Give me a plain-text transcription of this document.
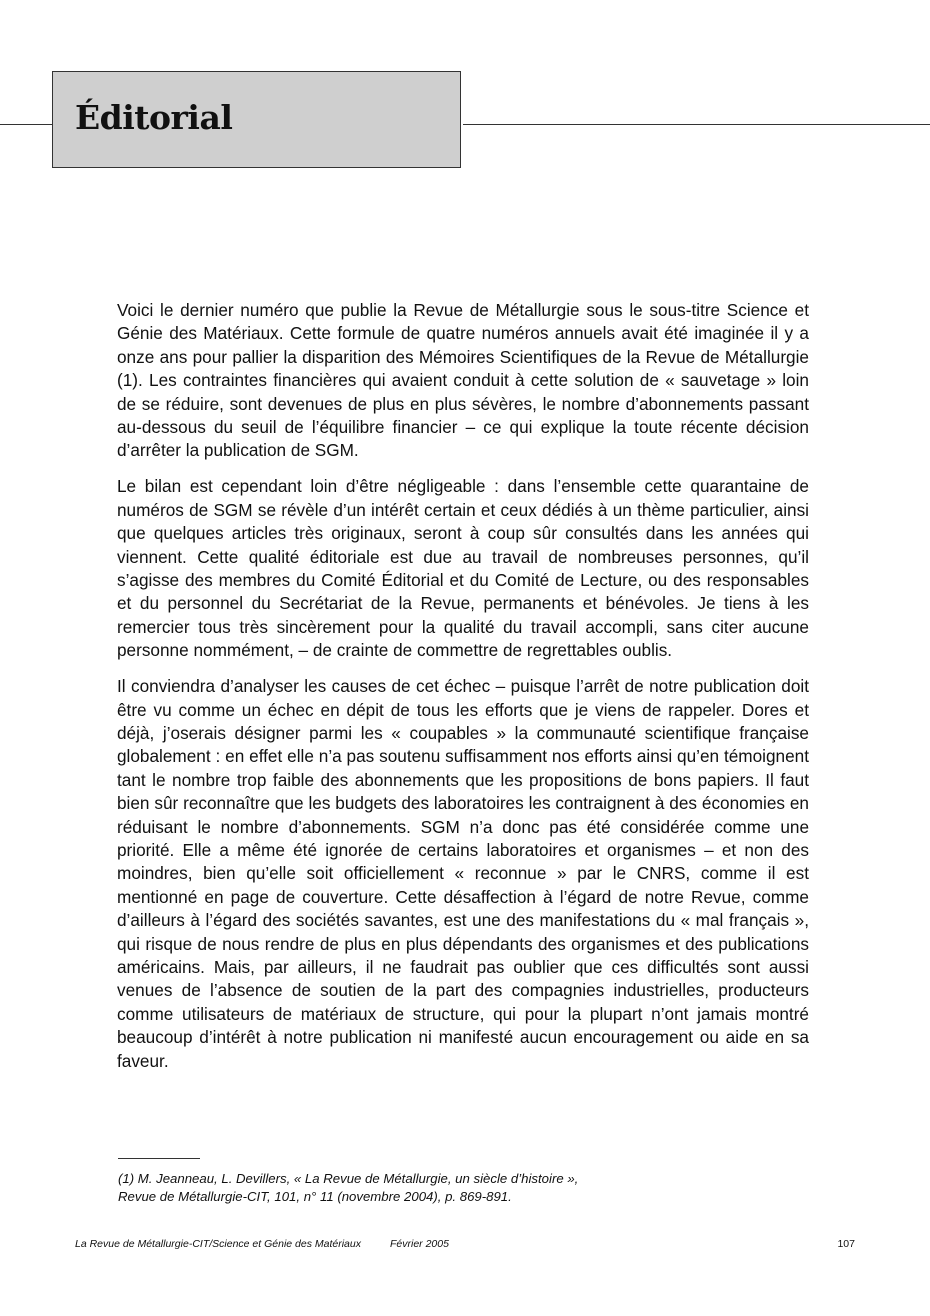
Éditorial

Voici le dernier numéro que publie la Revue de Métallurgie sous le sous-titre Science et Génie des Matériaux. Cette formule de quatre numéros annuels avait été imaginée il y a onze ans pour pallier la disparition des Mémoires Scientifiques de la Revue de Métallurgie (1). Les contraintes financières qui avaient conduit à cette solution de « sauvetage » loin de se réduire, sont devenues de plus en plus sévères, le nombre d’abonnements passant au-dessous du seuil de l’équilibre financier – ce qui explique la toute récente décision d’arrêter la publication de SGM.

Le bilan est cependant loin d’être négligeable : dans l’ensemble cette quarantaine de numéros de SGM se révèle d’un intérêt certain et ceux dédiés à un thème particulier, ainsi que quelques articles très originaux, seront à coup sûr consultés dans les années qui viennent. Cette qualité éditoriale est due au travail de nombreuses personnes, qu’il s’agisse des membres du Comité Éditorial et du Comité de Lecture, ou des responsables et du personnel du Secrétariat de la Revue, permanents et bénévoles. Je tiens à les remercier tous très sincèrement pour la qualité du travail accompli, sans citer aucune personne nommément, – de crainte de commettre de regrettables oublis.

Il conviendra d’analyser les causes de cet échec – puisque l’arrêt de notre publication doit être vu comme un échec en dépit de tous les efforts que je viens de rappeler. Dores et déjà, j’oserais désigner parmi les « coupables » la communauté scientifique française globalement : en effet elle n’a pas soutenu suffisamment nos efforts ainsi qu’en témoignent tant le nombre trop faible des abonnements que les propositions de bons papiers. Il faut bien sûr reconnaître que les budgets des laboratoires les contraignent à des économies en réduisant le nombre d’abonnements. SGM n’a donc pas été considérée comme une priorité. Elle a même été ignorée de certains laboratoires et organismes – et non des moindres, bien qu’elle soit officiellement « reconnue » par le CNRS, comme il est mentionné en page de couverture. Cette désaffection à l’égard de notre Revue, comme d’ailleurs à l’égard des sociétés savantes, est une des manifestations du « mal français », qui risque de nous rendre de plus en plus dépendants des organismes et des publications américains. Mais, par ailleurs, il ne faudrait pas oublier que ces difficultés sont aussi venues de l’absence de soutien de la part des compagnies industrielles, producteurs comme utilisateurs de matériaux de structure, qui pour la plupart n’ont jamais montré beaucoup d’intérêt à notre publication ni manifesté aucun encouragement ou aide en sa faveur.

(1) M. Jeanneau, L. Devillers, « La Revue de Métallurgie, un siècle d’histoire »,
Revue de Métallurgie-CIT, 101, n° 11 (novembre 2004), p. 869-891.
La Revue de Métallurgie-CIT/Science et Génie des Matériaux	Février 2005	107
